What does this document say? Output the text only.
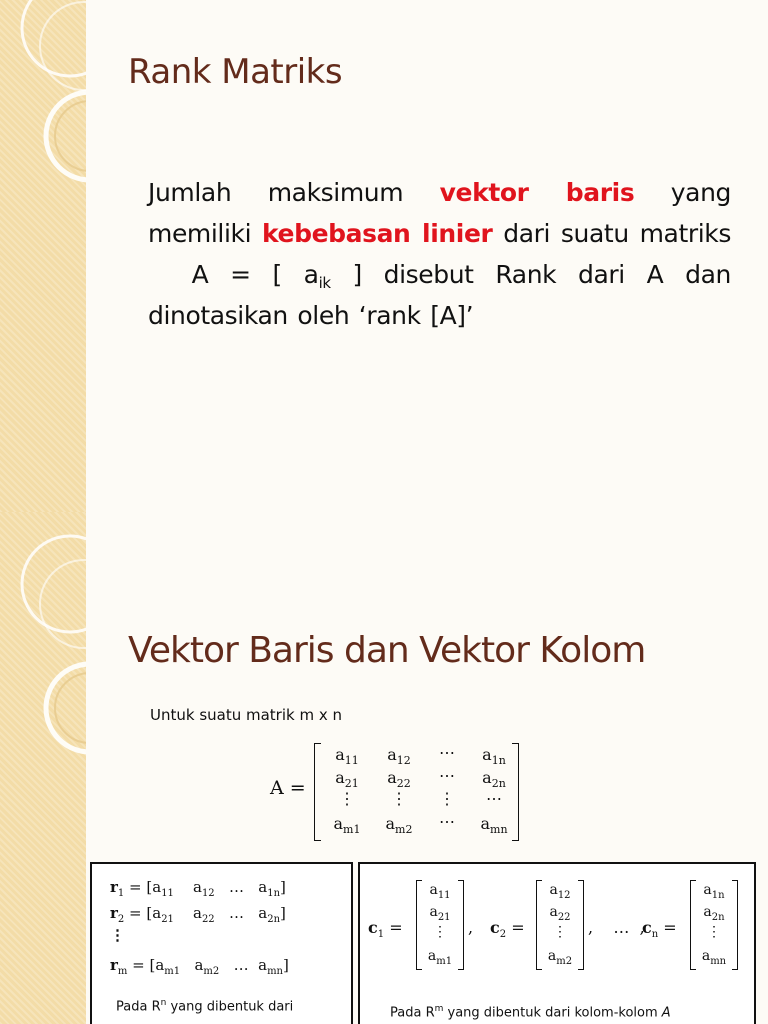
Rank Matriks
Jumlah maksimum vektor baris yang memiliki kebebasan linier dari suatu matriks   A = [ $a_{ik}$ ] disebut Rank dari A dan dinotasikan oleh ‘rank [A]’
Vektor Baris dan Vektor Kolom
Untuk suatu matrik m x n
A =
$a_{11}$	$a_{12}$	⋯	$a_{1n}$
$a_{21}$	$a_{22}$	⋯	$a_{2n}$
⋮	⋮	⋮	⋯
$a_{m1}$	$a_{m2}$	⋯	$a_{mn}$
$r_1 = [a_{11}$    $a_{12}$   …   $a_{1n}$]
$r_2 = [a_{21}$    $a_{22}$   …   $a_{2n}$]
⋮
$r_m = [a_{m1}$   $a_{m2}$   …  $a_{mn}$]
Pada $R^n$ yang dibentuk dari
$c_1$ =
$a_{11}$
$a_{21}$
⋮
$a_{m1}$
, $c_2$ =
$a_{12}$
$a_{22}$
⋮
$a_{m2}$
,    …  ,
$c_n$ =
$a_{1n}$
$a_{2n}$
⋮
$a_{mn}$
Pada $R^m$ yang dibentuk dari kolom-kolom A
